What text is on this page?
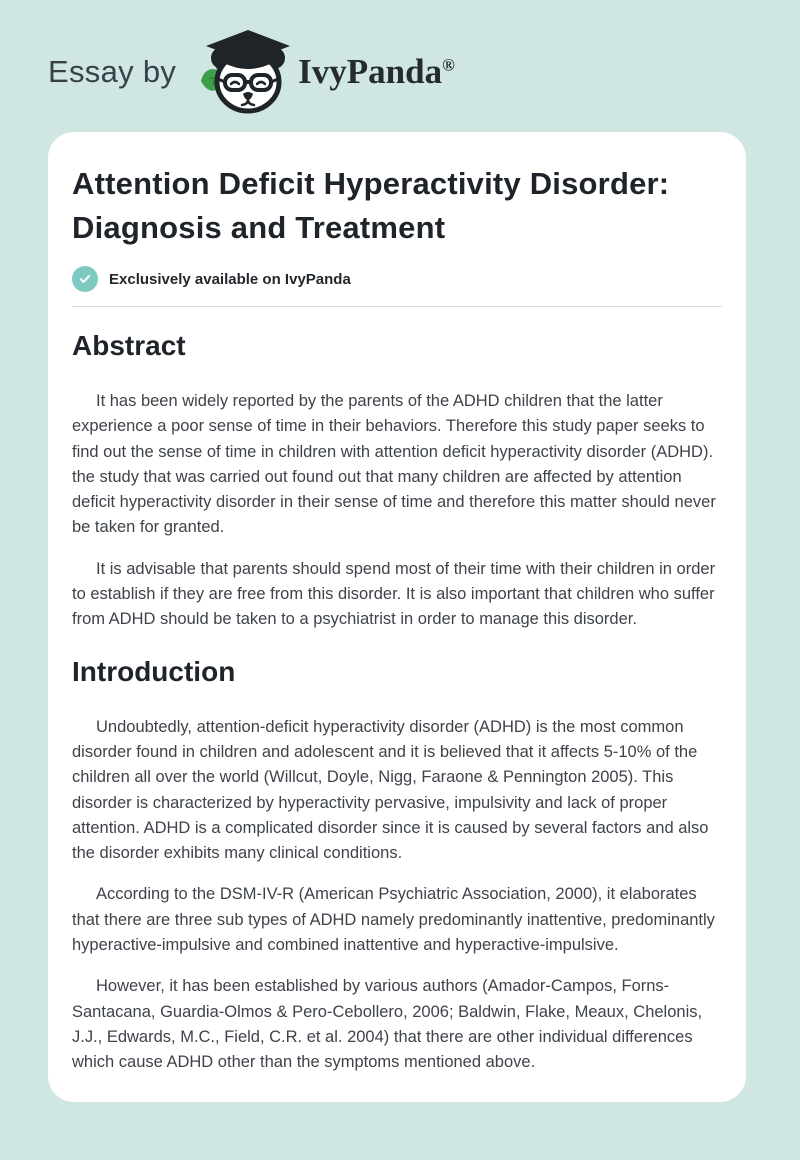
Essay by	IvyPanda®
Attention Deficit Hyperactivity Disorder: Diagnosis and Treatment
Exclusively available on IvyPanda
Abstract

It has been widely reported by the parents of the ADHD children that the latter experience a poor sense of time in their behaviors. Therefore this study paper seeks to find out the sense of time in children with attention deficit hyperactivity disorder (ADHD). the study that was carried out found out that many children are affected by attention deficit hyperactivity disorder in their sense of time and therefore this matter should never be taken for granted.

It is advisable that parents should spend most of their time with their children in order to establish if they are free from this disorder. It is also important that children who suffer from ADHD should be taken to a psychiatrist in order to manage this disorder.

Introduction

Undoubtedly, attention-deficit hyperactivity disorder (ADHD) is the most common disorder found in children and adolescent and it is believed that it affects 5-10% of the children all over the world (Willcut, Doyle, Nigg, Faraone & Pennington 2005). This disorder is characterized by hyperactivity pervasive, impulsivity and lack of proper attention. ADHD is a complicated disorder since it is caused by several factors and also the disorder exhibits many clinical conditions.

According to the DSM-IV-R (American Psychiatric Association, 2000), it elaborates that there are three sub types of ADHD namely predominantly inattentive, predominantly hyperactive-impulsive and combined inattentive and hyperactive-impulsive.

However, it has been established by various authors (Amador-Campos, Forns-Santacana, Guardia-Olmos & Pero-Cebollero, 2006; Baldwin, Flake, Meaux, Chelonis, J.J., Edwards, M.C., Field, C.R. et al. 2004) that there are other individual differences which cause ADHD other than the symptoms mentioned above.
